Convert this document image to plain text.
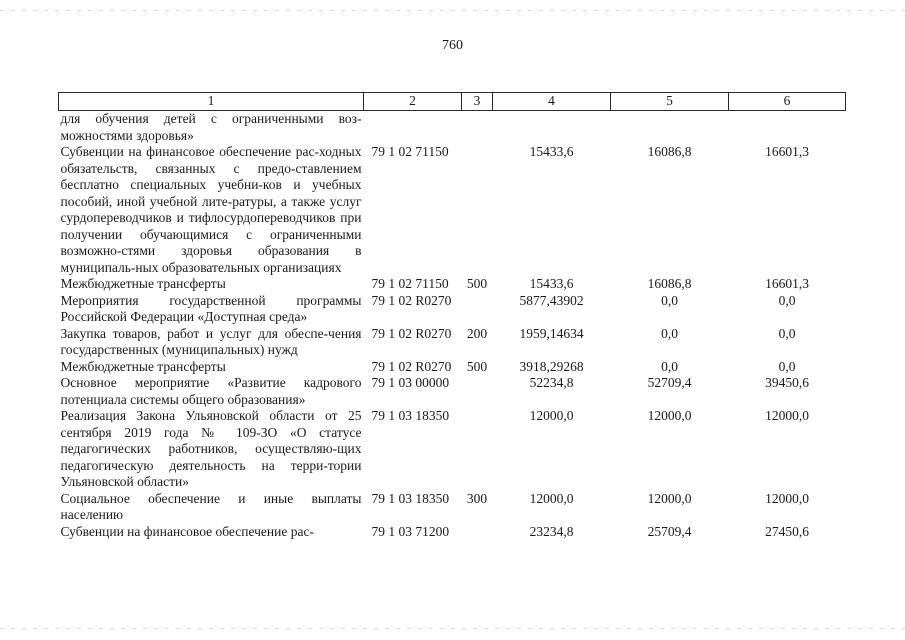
760
1	2	3	4	5	6
для обучения детей с ограниченными воз-можностями здоровья»					
Субвенции на финансовое обеспечение рас-ходных обязательств, связанных с предо-ставлением бесплатно специальных учебни-ков и учебных пособий, иной учебной лите-ратуры, а также услуг сурдопереводчиков и тифлосурдопереводчиков при получении обучающимися с ограниченными возможно-стями здоровья образования в муниципаль-ных образовательных организациях	79 1 02 71150		15433,6	16086,8	16601,3
Межбюджетные трансферты	79 1 02 71150	500	15433,6	16086,8	16601,3
Мероприятия государственной программы Российской Федерации «Доступная среда»	79 1 02 R0270		5877,43902	0,0	0,0
Закупка товаров, работ и услуг для обеспе-чения государственных (муниципальных) нужд	79 1 02 R0270	200	1959,14634	0,0	0,0
Межбюджетные трансферты	79 1 02 R0270	500	3918,29268	0,0	0,0
Основное мероприятие «Развитие кадрового потенциала системы общего образования»	79 1 03 00000		52234,8	52709,4	39450,6
Реализация Закона Ульяновской области от 25 сентября 2019 года № 109-ЗО «О статусе педагогических работников, осуществляю-щих педагогическую деятельность на терри-тории Ульяновской области»	79 1 03 18350		12000,0	12000,0	12000,0
Социальное обеспечение и иные выплаты населению	79 1 03 18350	300	12000,0	12000,0	12000,0
Субвенции на финансовое обеспечение рас-	79 1 03 71200		23234,8	25709,4	27450,6
